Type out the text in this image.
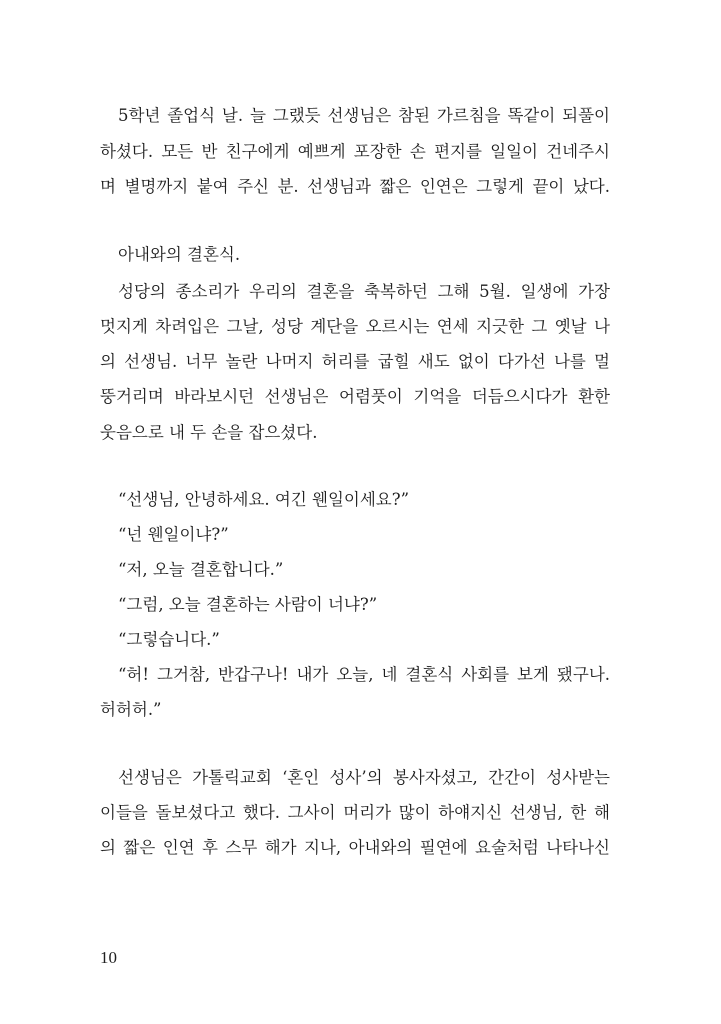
5학년 졸업식 날. 늘 그랬듯 선생님은 참된 가르침을 똑같이 되풀이
하셨다. 모든 반 친구에게 예쁘게 포장한 손 편지를 일일이 건네주시
며 별명까지 붙여 주신 분. 선생님과 짧은 인연은 그렇게 끝이 났다.
아내와의 결혼식.
성당의 종소리가 우리의 결혼을 축복하던 그해 5월. 일생에 가장
멋지게 차려입은 그날, 성당 계단을 오르시는 연세 지긋한 그 옛날 나
의 선생님. 너무 놀란 나머지 허리를 굽힐 새도 없이 다가선 나를 멀
뚱거리며 바라보시던 선생님은 어렴풋이 기억을 더듬으시다가 환한
웃음으로 내 두 손을 잡으셨다.
“선생님, 안녕하세요. 여긴 웬일이세요?”
“넌 웬일이냐?”
“저, 오늘 결혼합니다.”
“그럼, 오늘 결혼하는 사람이 너냐?”
“그렇습니다.”
“허! 그거참, 반갑구나! 내가 오늘, 네 결혼식 사회를 보게 됐구나.
허허허.”
선생님은 가톨릭교회 ‘혼인 성사’의 봉사자셨고, 간간이 성사받는
이들을 돌보셨다고 했다. 그사이 머리가 많이 하얘지신 선생님, 한 해
의 짧은 인연 후 스무 해가 지나, 아내와의 필연에 요술처럼 나타나신
10
